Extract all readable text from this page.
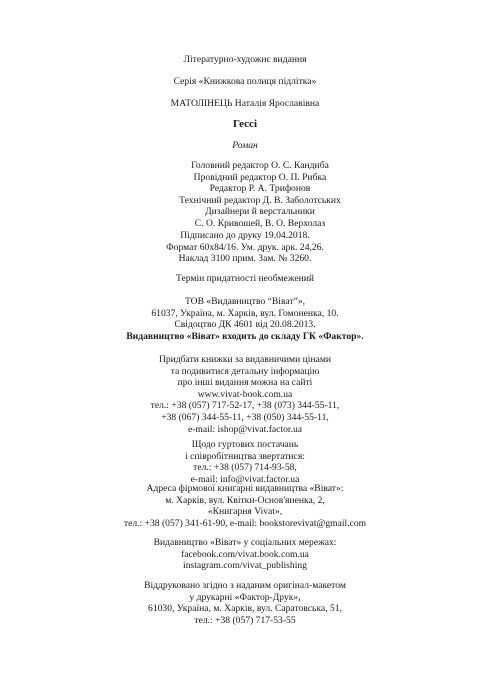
Літературно-художнє видання
Серія «Книжкова полиця підлітка»
МАТОЛІНЕЦЬ Наталія Ярославівна
Гессі
Роман
Головний редактор О. С. Кандиба
Провідний редактор О. П. Рибка
Редактор Р. А. Трифонов
Технічний редактор Д. В. Заболотських
Дизайнери й верстальники
С. О. Кривошей, В. О. Верхолаз
Підписано до друку 19.04.2018.
Формат 60х84/16. Ум. друк. арк. 24,26.
Наклад 3100 прим. Зам. № 3260.
Термін придатності необмежений
ТОВ «Видавництво “Віват”»,
61037, Україна, м. Харків, вул. Гомоненка, 10.
Свідоцтво ДК 4601 від 20.08.2013.
Видавництво «Віват» входить до складу ГК «Фактор».
Придбати книжки за видавничими цінами
та подивитися детальну інформацію
про інші видання можна на сайті
www.vivat-book.com.ua
тел.: +38 (057) 717-52-17, +38 (073) 344-55-11,
+38 (067) 344-55-11, +38 (050) 344-55-11,
e-mail: ishop@vivat.factor.ua
Щодо гуртових постачань
і співробітництва звертатися:
тел.: +38 (057) 714-93-58,
e-mail: info@vivat.factor.ua
Адреса фірмової книгарні видавництва «Віват»:
м. Харків, вул. Квітки-Основ'яненка, 2,
«Книгарня Vivat»,
тел.: +38 (057) 341-61-90, e-mail: bookstorevivat@gmail.com
Видавництво «Віват» у соціальних мережах:
facebook.com/vivat.book.com.ua
instagram.com/vivat_publishing
Віддруковано згідно з наданим оригінал-макетом
у друкарні «Фактор-Друк»,
61030, Україна, м. Харків, вул. Саратовська, 51,
тел.: +38 (057) 717-53-55
